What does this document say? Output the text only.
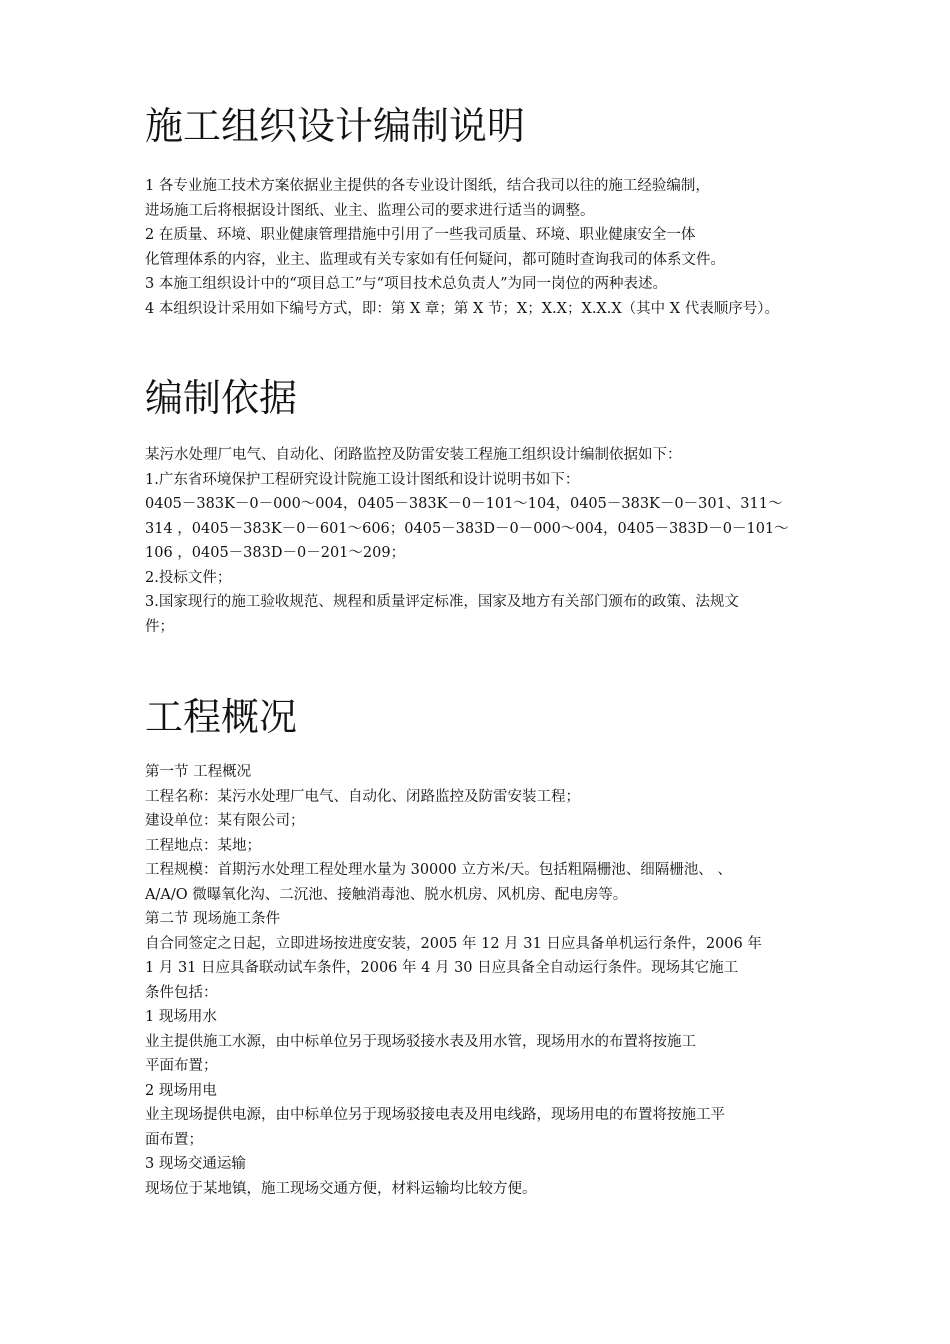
施工组织设计编制说明

1 各专业施工技术方案依据业主提供的各专业设计图纸，结合我司以往的施工经验编制，

进场施工后将根据设计图纸、业主、监理公司的要求进行适当的调整。

2 在质量、环境、职业健康管理措施中引用了一些我司质量、环境、职业健康安全一体

化管理体系的内容，业主、监理或有关专家如有任何疑问，都可随时查询我司的体系文件。

3 本施工组织设计中的“项目总工”与“项目技术总负责人”为同一岗位的两种表述。

4 本组织设计采用如下编号方式，即：第 X 章；第 X 节；X；X.X；X.X.X（其中 X 代表顺序号）。

编制依据

某污水处理厂电气、自动化、闭路监控及防雷安装工程施工组织设计编制依据如下：

1.广东省环境保护工程研究设计院施工设计图纸和设计说明书如下：

0405－383K－0－000～004，0405－383K－0－101～104，0405－383K－0－301、311～

314 ，0405－383K－0－601～606；0405－383D－0－000～004，0405－383D－0－101～

106 ，0405－383D－0－201～209；

2.投标文件；

3.国家现行的施工验收规范、规程和质量评定标准，国家及地方有关部门颁布的政策、法规文

件；

工程概况

第一节 工程概况

工程名称：某污水处理厂电气、自动化、闭路监控及防雷安装工程；

建设单位：某有限公司；

工程地点：某地；

工程规模：首期污水处理工程处理水量为 30000 立方米/天。包括粗隔栅池、细隔栅池、 、

A/A/O 微曝氧化沟、二沉池、接触消毒池、脱水机房、风机房、配电房等。

第二节 现场施工条件

自合同签定之日起，立即进场按进度安装，2005 年 12 月 31 日应具备单机运行条件，2006 年

1 月 31 日应具备联动试车条件，2006 年 4 月 30 日应具备全自动运行条件。现场其它施工

条件包括：

1 现场用水

业主提供施工水源，由中标单位另于现场驳接水表及用水管，现场用水的布置将按施工

平面布置；

2 现场用电

业主现场提供电源，由中标单位另于现场驳接电表及用电线路，现场用电的布置将按施工平

面布置；

3 现场交通运输

现场位于某地镇，施工现场交通方便，材料运输均比较方便。
